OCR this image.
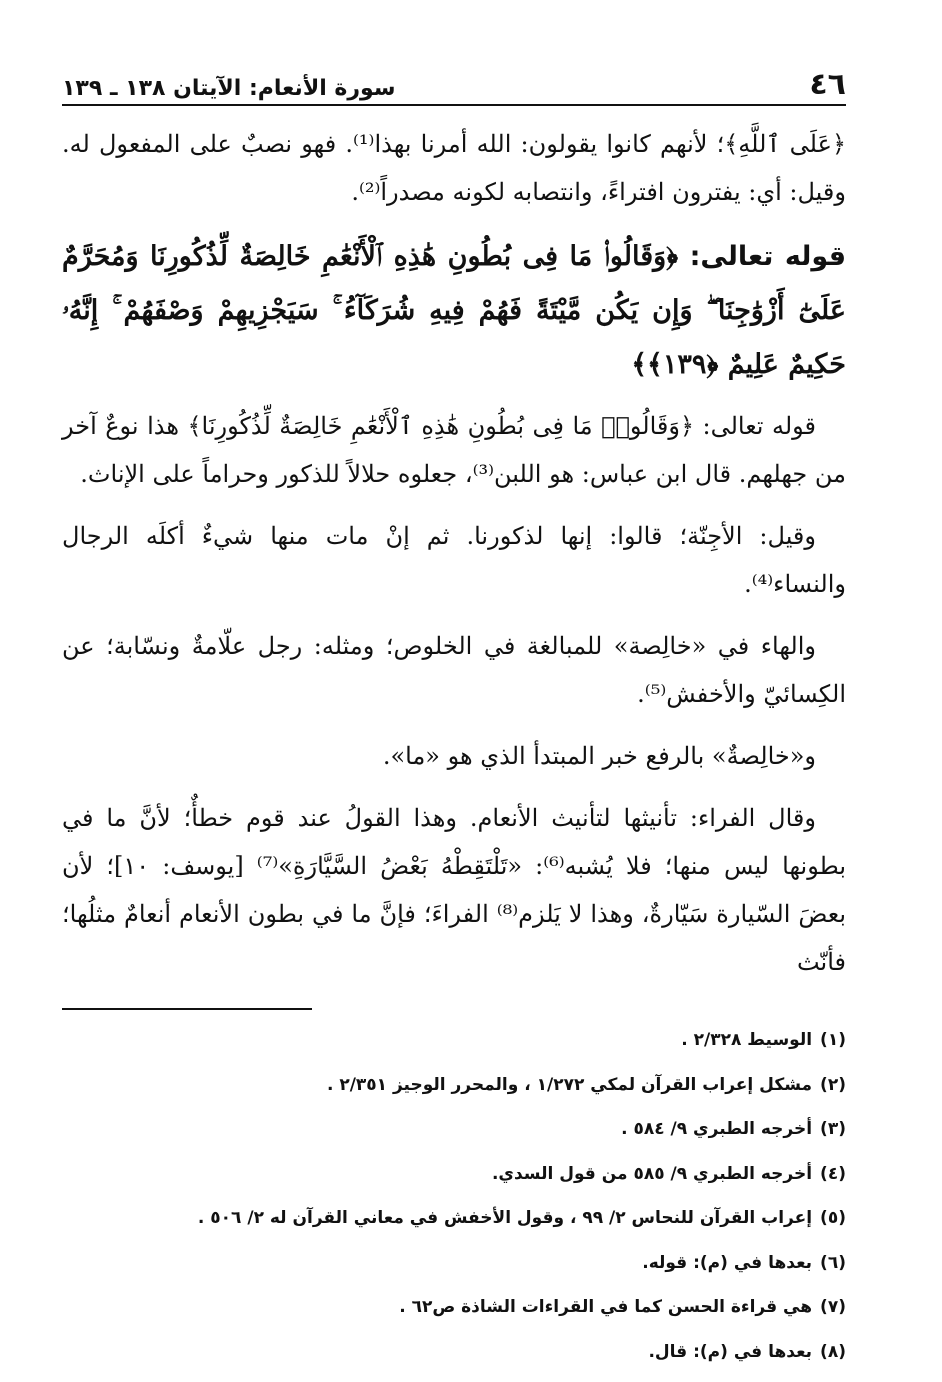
٤٦
سورة الأنعام: الآيتان ١٣٨ ـ ١٣٩

﴿عَلَى ٱللَّهِ﴾؛ لأنهم كانوا يقولون: الله أمرنا بهذا⁽¹⁾. فهو نصبٌ على المفعول له. وقيل: أي: يفترون افتراءً، وانتصابه لكونه مصدراً⁽²⁾.

قوله تعالى: ﴿وَقَالُوا۟ مَا فِى بُطُونِ هَٰذِهِ ٱلْأَنْعَٰمِ خَالِصَةٌ لِّذُكُورِنَا وَمُحَرَّمٌ عَلَىٰٓ أَزْوَٰجِنَا ۖ وَإِن يَكُن مَّيْتَةً فَهُمْ فِيهِ شُرَكَآءُ ۚ سَيَجْزِيهِمْ وَصْفَهُمْ ۚ إِنَّهُۥ حَكِيمٌ عَلِيمٌ ﴿١٣٩﴾﴾

قوله تعالى: ﴿وَقَالُوا۟ مَا فِى بُطُونِ هَٰذِهِ ٱلْأَنْعَٰمِ خَالِصَةٌ لِّذُكُورِنَا﴾ هذا نوعٌ آخر من جهلهم. قال ابن عباس: هو اللبن⁽³⁾، جعلوه حلالاً للذكور وحراماً على الإناث.

وقيل: الأجِنّة؛ قالوا: إنها لذكورنا. ثم إنْ مات منها شيءٌ أكلَه الرجال والنساء⁽⁴⁾.

والهاء في «خالِصة» للمبالغة في الخلوص؛ ومثله: رجل علّامةٌ ونسّابة؛ عن الكِسائيّ والأخفش⁽⁵⁾.

و«خالِصةٌ» بالرفع خبر المبتدأ الذي هو «ما».

وقال الفراء: تأنيثها لتأنيث الأنعام. وهذا القولُ عند قوم خطأٌ؛ لأنَّ ما في بطونها ليس منها؛ فلا يُشبه⁽⁶⁾: «تَلْتَقِطْهُ بَعْضُ السَّيَّارَةِ»⁽⁷⁾ [يوسف: ١٠]؛ لأن بعضَ السّيارة سَيّارةٌ، وهذا لا يَلزم⁽⁸⁾ الفراءَ؛ فإنَّ ما في بطون الأنعام أنعامٌ مثلُها؛ فأنّث

(١)الوسيط ٢/٣٢٨ .
(٢)مشكل إعراب القرآن لمكي ١/٢٧٢ ، والمحرر الوجيز ٢/٣٥١ .
(٣)أخرجه الطبري ٩/ ٥٨٤ .
(٤)أخرجه الطبري ٩/ ٥٨٥ من قول السدي.
(٥)إعراب القرآن للنحاس ٢/ ٩٩ ، وقول الأخفش في معاني القرآن له ٢/ ٥٠٦ .
(٦)بعدها في (م): قوله.
(٧)هي قراءة الحسن كما في القراءات الشاذة ص٦٢ .
(٨)بعدها في (م): قال.
